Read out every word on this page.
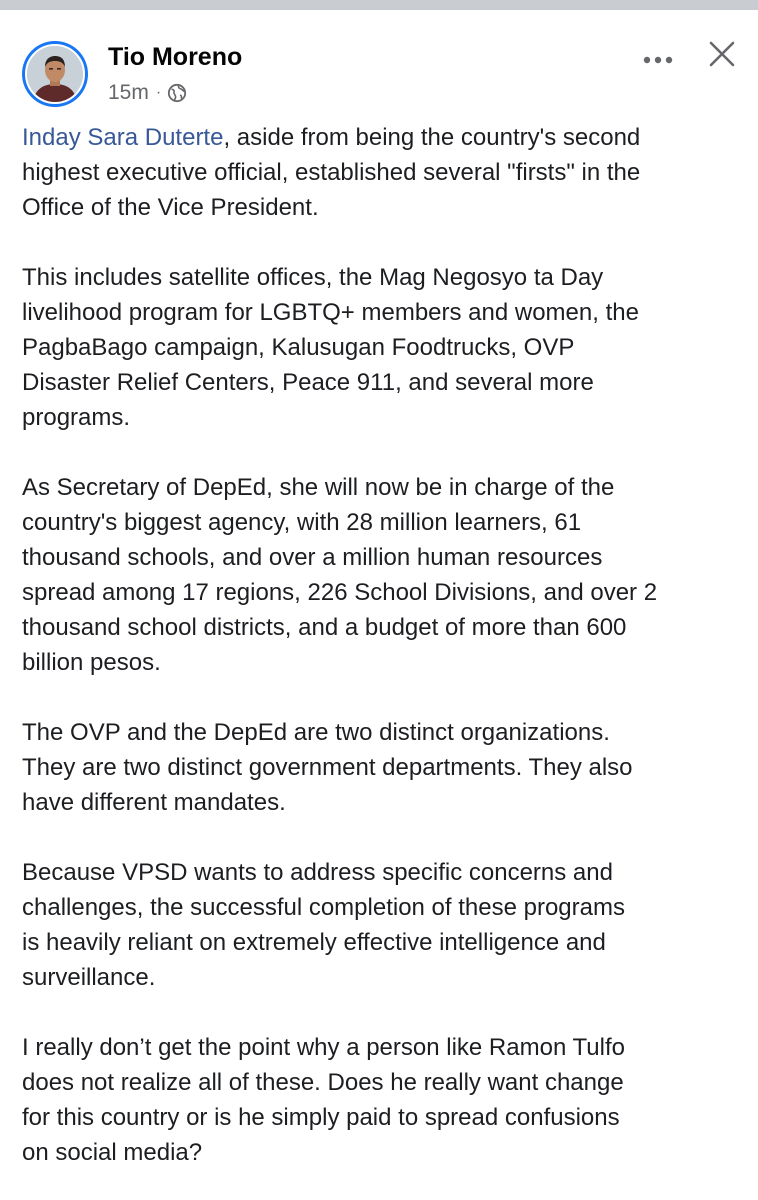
Tio Moreno
15m ·

Inday Sara Duterte, aside from being the country's second
highest executive official, established several "firsts" in the
Office of the Vice President.

This includes satellite offices, the Mag Negosyo ta Day
livelihood program for LGBTQ+ members and women, the
PagbaBago campaign, Kalusugan Foodtrucks, OVP
Disaster Relief Centers, Peace 911, and several more
programs.

As Secretary of DepEd, she will now be in charge of the
country's biggest agency, with 28 million learners, 61
thousand schools, and over a million human resources
spread among 17 regions, 226 School Divisions, and over 2
thousand school districts, and a budget of more than 600
billion pesos.

The OVP and the DepEd are two distinct organizations.
They are two distinct government departments. They also
have different mandates.

Because VPSD wants to address specific concerns and
challenges, the successful completion of these programs
is heavily reliant on extremely effective intelligence and
surveillance.

I really don’t get the point why a person like Ramon Tulfo
does not realize all of these. Does he really want change
for this country or is he simply paid to spread confusions
on social media?
